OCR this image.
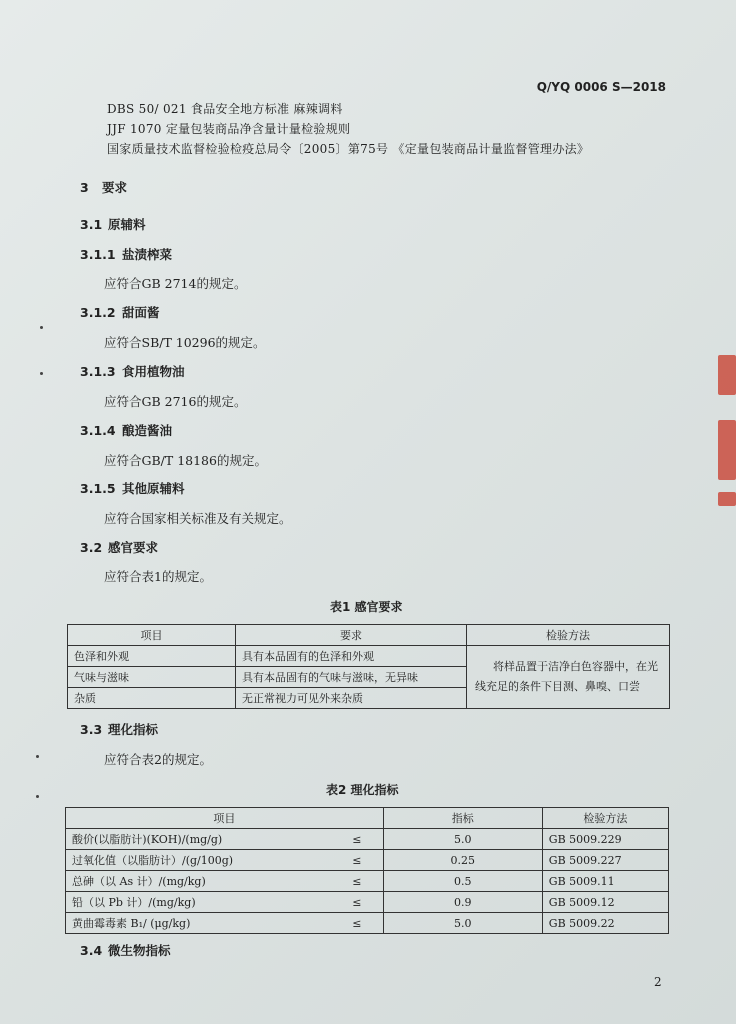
Q/YQ 0006 S—2018
DBS 50/ 021 食品安全地方标准 麻辣调料
JJF 1070 定量包装商品净含量计量检验规则
国家质量技术监督检验检疫总局令〔2005〕第75号 《定量包装商品计量监督管理办法》
3 要求
3.1 原辅料
3.1.1 盐渍榨菜
应符合GB 2714的规定。
3.1.2 甜面酱
应符合SB/T 10296的规定。
3.1.3 食用植物油
应符合GB 2716的规定。
3.1.4 酿造酱油
应符合GB/T 18186的规定。
3.1.5 其他原辅料
应符合国家相关标准及有关规定。
3.2 感官要求
应符合表1的规定。
表1 感官要求
项目	要求	检验方法
色泽和外观	具有本品固有的色泽和外观	将样品置于洁净白色容器中，在光
线充足的条件下目测、鼻嗅、口尝

气味与滋味	具有本品固有的气味与滋味，无异味	
杂质	无正常视力可见外来杂质	
3.3 理化指标
应符合表2的规定。
表2 理化指标
项目		指标	检验方法
酸价(以脂肪计)(KOH)/(mg/g)	≤	5.0	GB 5009.229
过氧化值（以脂肪计）/(g/100g)	≤	0.25	GB 5009.227
总砷（以 As 计）/(mg/kg)	≤	0.5	GB 5009.11
铅（以 Pb 计）/(mg/kg)	≤	0.9	GB 5009.12
黄曲霉毒素 B₁/ (μg/kg)	≤	5.0	GB 5009.22
3.4 微生物指标
2
